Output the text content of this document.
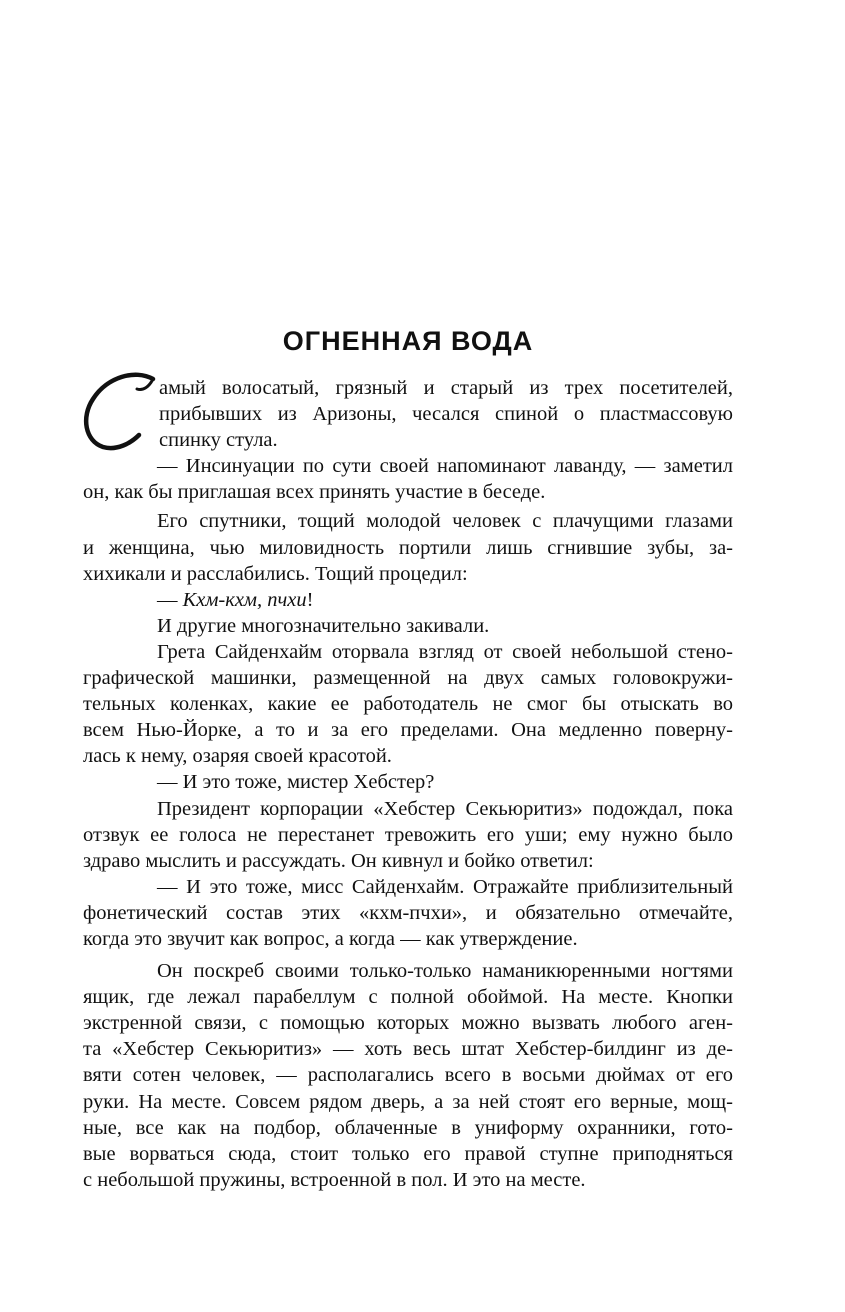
ОГНЕННАЯ ВОДА

амый волосатый, грязный и старый из трех посетителей,
прибывших из Аризоны, чесался спиной о пластмассовую
спинку стула.

— Инсинуации по сути своей напоминают лаванду, — заметил
он, как бы приглашая всех принять участие в беседе.

Его спутники, тощий молодой человек с плачущими глазами
и женщина, чью миловидность портили лишь сгнившие зубы, за-
хихикали и расслабились. Тощий процедил:

— Кхм-кхм, пчхи!

И другие многозначительно закивали.

Грета Сайденхайм оторвала взгляд от своей небольшой стено-
графической машинки, размещенной на двух самых головокружи-
тельных коленках, какие ее работодатель не смог бы отыскать во
всем Нью-Йорке, а то и за его пределами. Она медленно поверну-
лась к нему, озаряя своей красотой.

— И это тоже, мистер Хебстер?

Президент корпорации «Хебстер Секьюритиз» подождал, пока
отзвук ее голоса не перестанет тревожить его уши; ему нужно было
здраво мыслить и рассуждать. Он кивнул и бойко ответил:

— И это тоже, мисс Сайденхайм. Отражайте приблизительный
фонетический состав этих «кхм-пчхи», и обязательно отмечайте,
когда это звучит как вопрос, а когда — как утверждение.

Он поскреб своими только-только наманикюренными ногтями
ящик, где лежал парабеллум с полной обоймой. На месте. Кнопки
экстренной связи, с помощью которых можно вызвать любого аген-
та «Хебстер Секьюритиз» — хоть весь штат Хебстер-билдинг из де-
вяти сотен человек, — располагались всего в восьми дюймах от его
руки. На месте. Совсем рядом дверь, а за ней стоят его верные, мощ-
ные, все как на подбор, облаченные в униформу охранники, гото-
вые ворваться сюда, стоит только его правой ступне приподняться
с небольшой пружины, встроенной в пол. И это на месте.
